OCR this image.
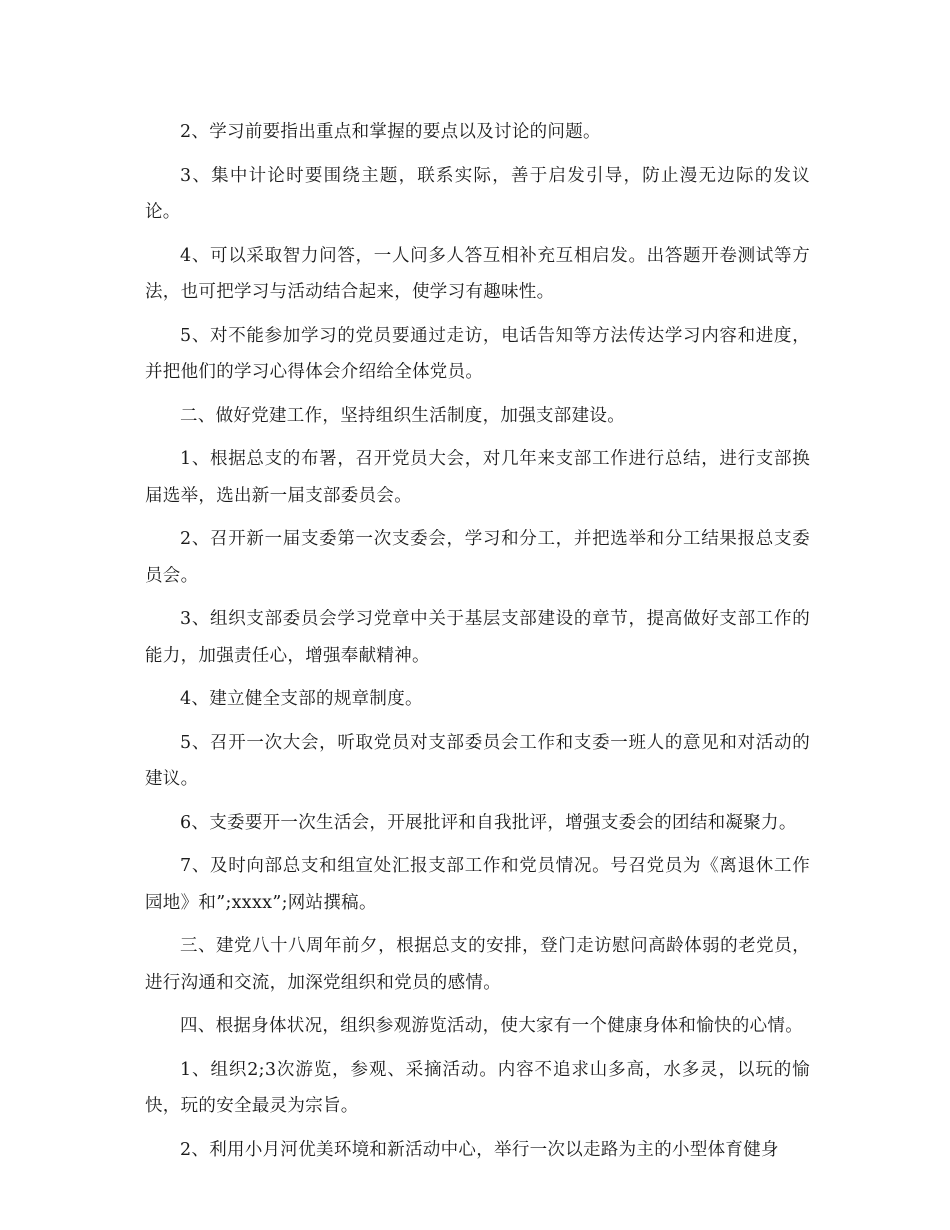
2、学习前要指出重点和掌握的要点以及讨论的问题。

3、集中计论时要围绕主题，联系实际，善于启发引导，防止漫无边际的发议论。

4、可以采取智力问答，一人问多人答互相补充互相启发。出答题开卷测试等方法，也可把学习与活动结合起来，使学习有趣味性。

5、对不能参加学习的党员要通过走访，电话告知等方法传达学习内容和进度，并把他们的学习心得体会介绍给全体党员。

二、做好党建工作，坚持组织生活制度，加强支部建设。

1、根据总支的布署，召开党员大会，对几年来支部工作进行总结，进行支部换届选举，选出新一届支部委员会。

2、召开新一届支委第一次支委会，学习和分工，并把选举和分工结果报总支委员会。

3、组织支部委员会学习党章中关于基层支部建设的章节，提高做好支部工作的能力，加强责任心，增强奉献精神。

4、建立健全支部的规章制度。

5、召开一次大会，听取党员对支部委员会工作和支委一班人的意见和对活动的建议。

6、支委要开一次生活会，开展批评和自我批评，增强支委会的团结和凝聚力。

7、及时向部总支和组宣处汇报支部工作和党员情况。号召党员为《离退休工作园地》和”;xxxx”;网站撰稿。

三、建党八十八周年前夕，根据总支的安排，登门走访慰问高龄体弱的老党员，进行沟通和交流，加深党组织和党员的感情。

四、根据身体状况，组织参观游览活动，使大家有一个健康身体和愉快的心情。

1、组织2;3次游览，参观、采摘活动。内容不追求山多高，水多灵，以玩的愉快，玩的安全最灵为宗旨。

2、利用小月河优美环境和新活动中心，举行一次以走路为主的小型体育健身
